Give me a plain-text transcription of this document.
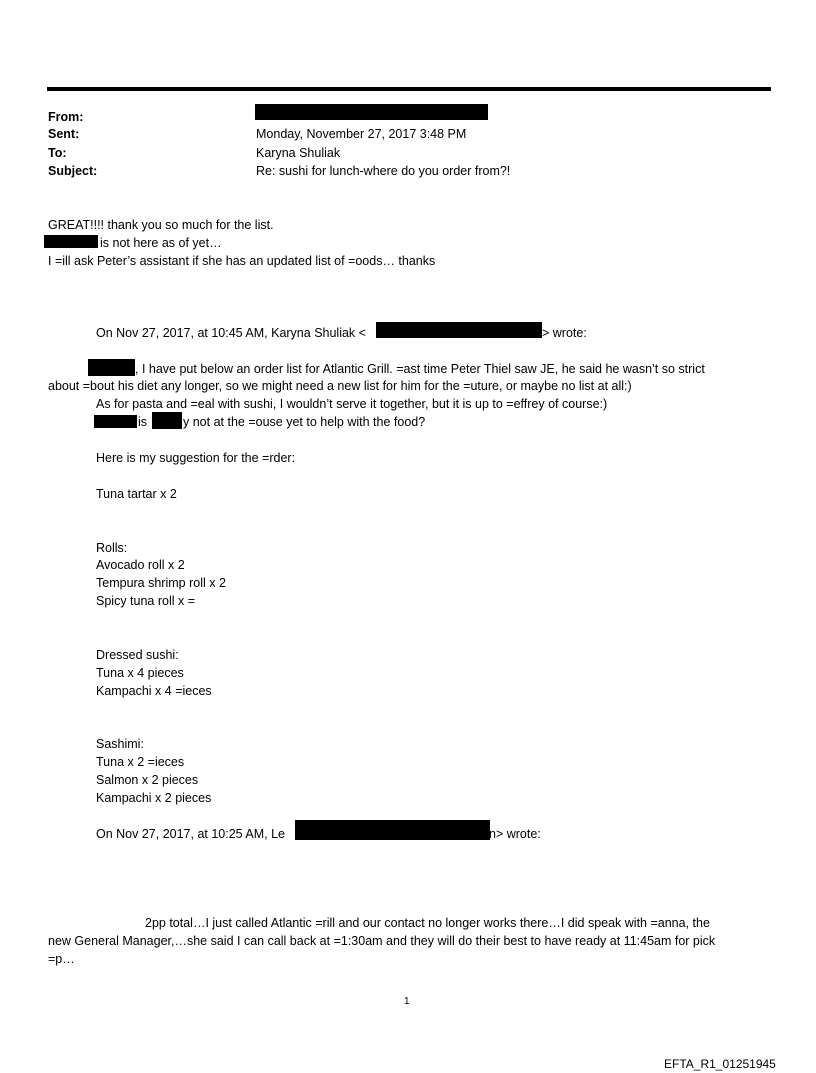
From:
Sent:	Monday, November 27, 2017 3:48 PM
To:	Karyna Shuliak
Subject:	Re: sushi for lunch-where do you order from?!
GREAT!!!! thank you so much for the list.
is not here as of yet…
I =ill ask Peter’s assistant if she has an updated list of =oods… thanks
On Nov 27, 2017, at 10:45 AM, Karyna Shuliak <	> wrote:
, I have put below an order list for Atlantic Grill. =ast time Peter Thiel saw JE, he said he wasn’t so strict
about =bout his diet any longer, so we might need a new list for him for the =uture, or maybe no list at all:)
As for pasta and =eal with sushi, I wouldn’t serve it together, but it is up to =effrey of course:)
is	y not at the =ouse yet to help with the food?
Here is my suggestion for the =rder:
Tuna tartar x 2
Rolls:
Avocado roll x 2
Tempura shrimp roll x 2
Spicy tuna roll x =
Dressed sushi:
Tuna x 4 pieces
Kampachi x 4 =ieces
Sashimi:
Tuna x 2 =ieces
Salmon x 2 pieces
Kampachi x 2 pieces
On Nov 27, 2017, at 10:25 AM, Le	n> wrote:
2pp total…I just called Atlantic =rill and our contact no longer works there…I did speak with =anna, the
new General Manager,…she said I can call back at =1:30am and they will do their best to have ready at 11:45am for pick
=p…
1
EFTA_R1_01251945
